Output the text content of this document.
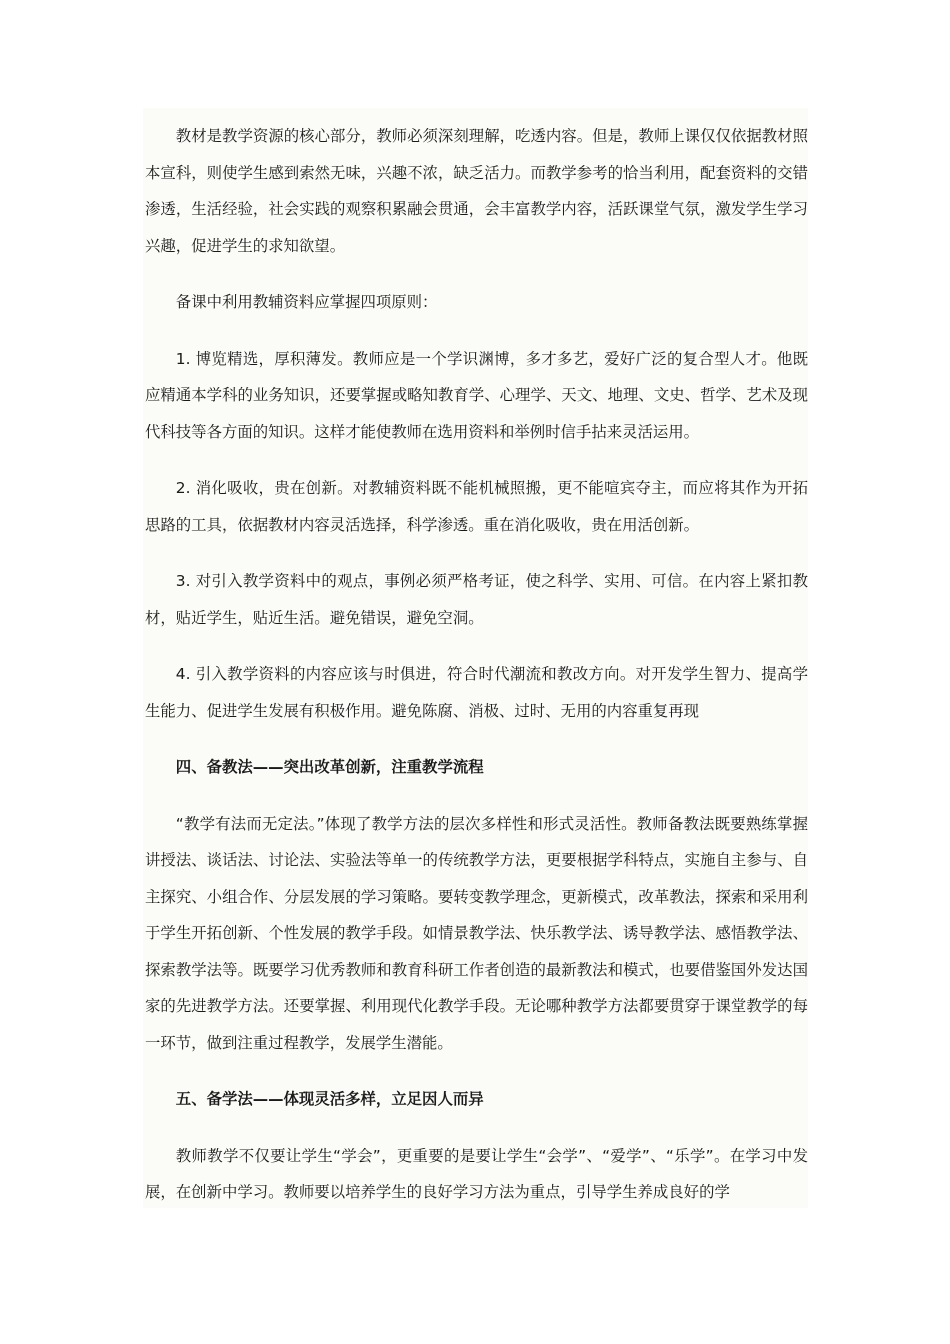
教材是教学资源的核心部分，教师必须深刻理解，吃透内容。但是，教师上课仅仅依据教材照本宣科，则使学生感到索然无味，兴趣不浓，缺乏活力。而教学参考的恰当利用，配套资料的交错渗透，生活经验，社会实践的观察积累融会贯通，会丰富教学内容，活跃课堂气氛，激发学生学习兴趣，促进学生的求知欲望。

备课中利用教辅资料应掌握四项原则：

1. 博览精选，厚积薄发。教师应是一个学识渊博，多才多艺，爱好广泛的复合型人才。他既应精通本学科的业务知识，还要掌握或略知教育学、心理学、天文、地理、文史、哲学、艺术及现代科技等各方面的知识。这样才能使教师在选用资料和举例时信手拈来灵活运用。

2. 消化吸收，贵在创新。对教辅资料既不能机械照搬，更不能喧宾夺主，而应将其作为开拓思路的工具，依据教材内容灵活选择，科学渗透。重在消化吸收，贵在用活创新。

3. 对引入教学资料中的观点，事例必须严格考证，使之科学、实用、可信。在内容上紧扣教材，贴近学生，贴近生活。避免错误，避免空洞。

4. 引入教学资料的内容应该与时俱进，符合时代潮流和教改方向。对开发学生智力、提高学生能力、促进学生发展有积极作用。避免陈腐、消极、过时、无用的内容重复再现

四、备教法——突出改革创新，注重教学流程

“教学有法而无定法。”体现了教学方法的层次多样性和形式灵活性。教师备教法既要熟练掌握讲授法、谈话法、讨论法、实验法等单一的传统教学方法，更要根据学科特点，实施自主参与、自主探究、小组合作、分层发展的学习策略。要转变教学理念，更新模式，改革教法，探索和采用利于学生开拓创新、个性发展的教学手段。如情景教学法、快乐教学法、诱导教学法、感悟教学法、探索教学法等。既要学习优秀教师和教育科研工作者创造的最新教法和模式，也要借鉴国外发达国家的先进教学方法。还要掌握、利用现代化教学手段。无论哪种教学方法都要贯穿于课堂教学的每一环节，做到注重过程教学，发展学生潜能。

五、备学法——体现灵活多样，立足因人而异

教师教学不仅要让学生“学会”，更重要的是要让学生“会学”、“爱学”、“乐学”。在学习中发展，在创新中学习。教师要以培养学生的良好学习方法为重点，引导学生养成良好的学
